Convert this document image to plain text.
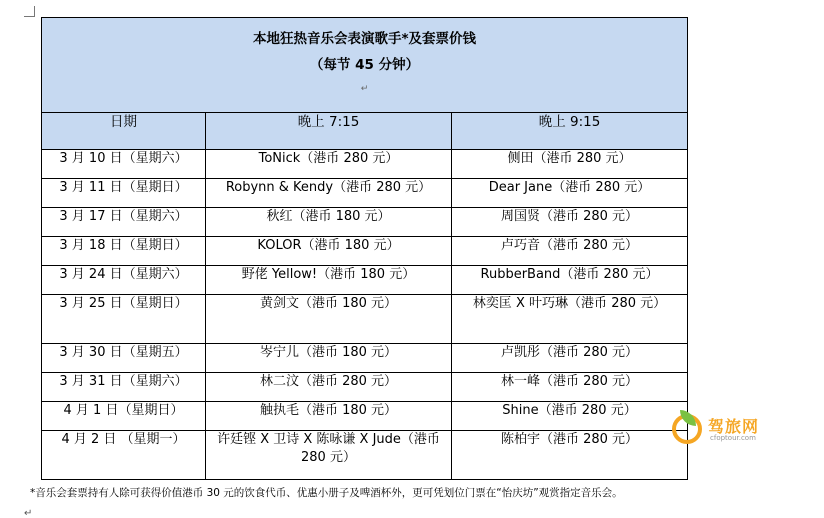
本地狂热音乐会表演歌手*及套票价钱
（每节 45 分钟）
↵		

日期	晚上 7:15	晚上 9:15
3 月 10 日（星期六）	ToNick（港币 280 元）	侧田（港币 280 元）
3 月 11 日（星期日）	Robynn & Kendy（港币 280 元）	Dear Jane（港币 280 元）
3 月 17 日（星期六）	秋红（港币 180 元）	周国贤（港币 280 元）
3 月 18 日（星期日）	KOLOR（港币 180 元）	卢巧音（港币 280 元）
3 月 24 日（星期六）	野佬 Yellow!（港币 180 元）	RubberBand（港币 280 元）
3 月 25 日（星期日）	黄剑文（港币 180 元）	林奕匡 X 叶巧琳（港币 280 元）
3 月 30 日（星期五）	岑宁儿（港币 180 元）	卢凯彤（港币 280 元）
3 月 31 日（星期六）	林二汶（港币 280 元）	林一峰（港币 280 元）
4 月 1 日（星期日）	触执毛（港币 180 元）	Shine（港币 280 元）
4 月 2 日 （星期一）	许廷铿 X 卫诗 X 陈咏谦 X Jude（港币 280 元）	陈柏宇（港币 280 元）
驾旅网
cfoptour.com
*音乐会套票持有人除可获得价值港币 30 元的饮食代币、优惠小册子及啤酒杯外，更可凭划位门票在“怡庆坊”观赏指定音乐会。
↵
